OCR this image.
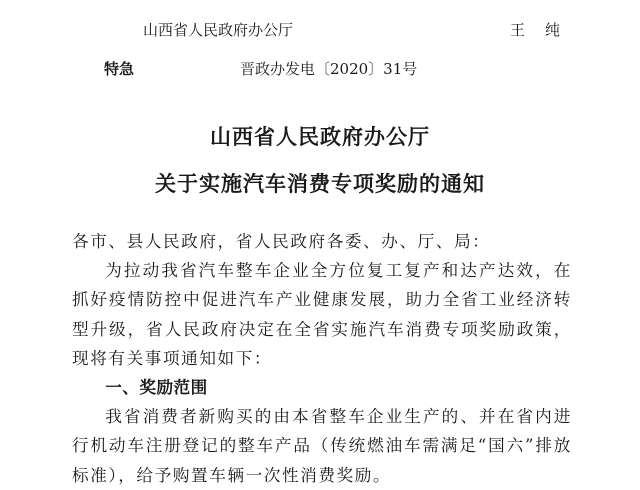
山西省人民政府办公厅	王纯
特急	晋政办发电〔2020〕31号
山西省人民政府办公厅
关于实施汽车消费专项奖励的通知

各市、县人民政府，省人民政府各委、办、厅、局：

为拉动我省汽车整车企业全方位复工复产和达产达效，在抓好疫情防控中促进汽车产业健康发展，助力全省工业经济转型升级，省人民政府决定在全省实施汽车消费专项奖励政策，现将有关事项通知如下：

一、奖励范围

我省消费者新购买的由本省整车企业生产的、并在省内进行机动车注册登记的整车产品（传统燃油车需满足“国六”排放标准），给予购置车辆一次性消费奖励。
